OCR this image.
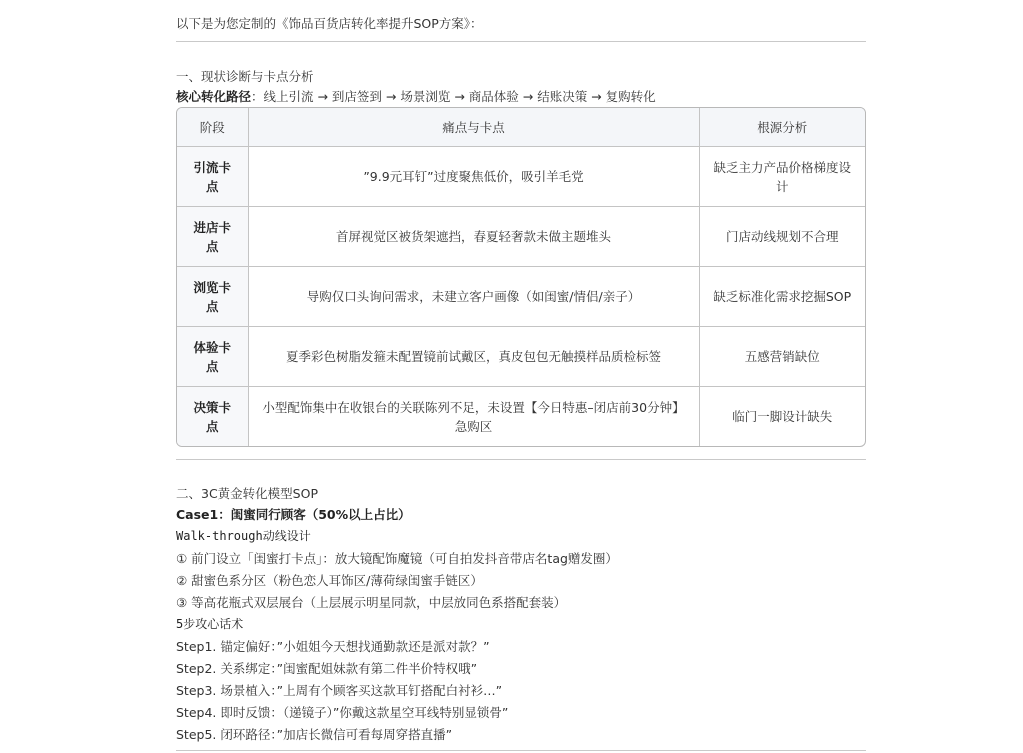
以下是为您定制的《饰品百货店转化率提升SOP方案》：
一、现状诊断与卡点分析
核心转化路径：线上引流 → 到店签到 → 场景浏览 → 商品体验 → 结账决策 → 复购转化
阶段	痛点与卡点	根源分析
引流卡点	”9.9元耳钉”过度聚焦低价，吸引羊毛党	缺乏主力产品价格梯度设计
进店卡点	首屏视觉区被货架遮挡，春夏轻奢款未做主题堆头	门店动线规划不合理
浏览卡点	导购仅口头询问需求，未建立客户画像（如闺蜜/情侣/亲子）	缺乏标准化需求挖掘SOP
体验卡点	夏季彩色树脂发箍未配置镜前试戴区，真皮包包无触摸样品质检标签	五感营销缺位
决策卡点	小型配饰集中在收银台的关联陈列不足，未设置【今日特惠–闭店前30分钟】急购区	临门一脚设计缺失
二、3C黄金转化模型SOP
Case1：闺蜜同行顾客（50%以上占比）
Walk-through动线设计
① 前门设立「闺蜜打卡点」：放大镜配饰魔镜（可自拍发抖音带店名tag赠发圈）
② 甜蜜色系分区（粉色恋人耳饰区/薄荷绿闺蜜手链区）
③ 等高花瓶式双层展台（上层展示明星同款，中层放同色系搭配套装）
5步攻心话术
Step1. 锚定偏好：”小姐姐今天想找通勤款还是派对款？”
Step2. 关系绑定：”闺蜜配姐妹款有第二件半价特权哦”
Step3. 场景植入：”上周有个顾客买这款耳钉搭配白衬衫…”
Step4. 即时反馈：（递镜子）”你戴这款星空耳线特别显锁骨”
Step5. 闭环路径：”加店长微信可看每周穿搭直播”
